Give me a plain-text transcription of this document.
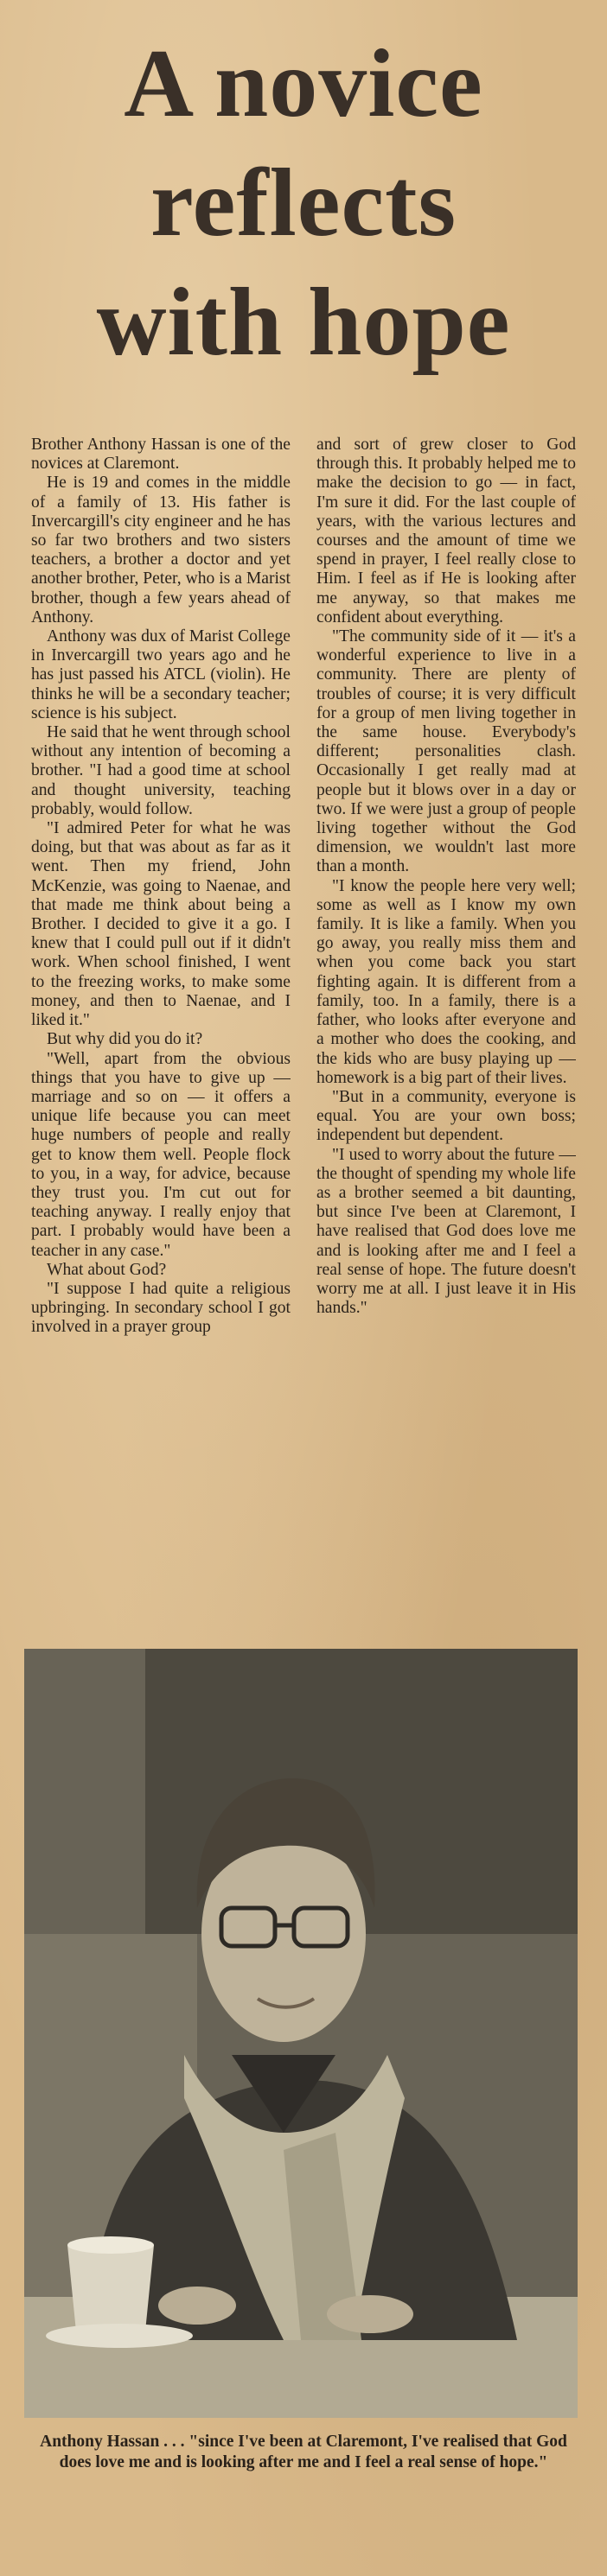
A novice
reflects
with hope

Brother Anthony Hassan is one of the novices at Claremont.

He is 19 and comes in the middle of a family of 13. His father is Invercargill's city engineer and he has so far two brothers and two sisters teachers, a brother a doctor and yet another brother, Peter, who is a Marist brother, though a few years ahead of Anthony.

Anthony was dux of Marist College in Invercargill two years ago and he has just passed his ATCL (violin). He thinks he will be a secondary teacher; science is his subject.

He said that he went through school without any intention of becoming a brother. "I had a good time at school and thought university, teaching probably, would follow.

"I admired Peter for what he was doing, but that was about as far as it went. Then my friend, John McKenzie, was going to Naenae, and that made me think about being a Brother. I decided to give it a go. I knew that I could pull out if it didn't work. When school finished, I went to the freezing works, to make some money, and then to Naenae, and I liked it."

But why did you do it?

"Well, apart from the obvious things that you have to give up — marriage and so on — it offers a unique life because you can meet huge numbers of people and really get to know them well. People flock to you, in a way, for advice, because they trust you. I'm cut out for teaching anyway. I really enjoy that part. I probably would have been a teacher in any case."

What about God?

"I suppose I had quite a religious upbringing. In secondary school I got involved in a prayer group

and sort of grew closer to God through this. It probably helped me to make the decision to go — in fact, I'm sure it did. For the last couple of years, with the various lectures and courses and the amount of time we spend in prayer, I feel really close to Him. I feel as if He is looking after me anyway, so that makes me confident about everything.

"The community side of it — it's a wonderful experience to live in a community. There are plenty of troubles of course; it is very difficult for a group of men living together in the same house. Everybody's different; personalities clash. Occasionally I get really mad at people but it blows over in a day or two. If we were just a group of people living together without the God dimension, we wouldn't last more than a month.

"I know the people here very well; some as well as I know my own family. It is like a family. When you go away, you really miss them and when you come back you start fighting again. It is different from a family, too. In a family, there is a father, who looks after everyone and a mother who does the cooking, and the kids who are busy playing up — homework is a big part of their lives.

"But in a community, everyone is equal. You are your own boss; independent but dependent.

"I used to worry about the future — the thought of spending my whole life as a brother seemed a bit daunting, but since I've been at Claremont, I have realised that God does love me and is looking after me and I feel a real sense of hope. The future doesn't worry me at all. I just leave it in His hands."

Anthony Hassan . . . "since I've been at Claremont, I've realised that God does love me and is looking after me and I feel a real sense of hope."
